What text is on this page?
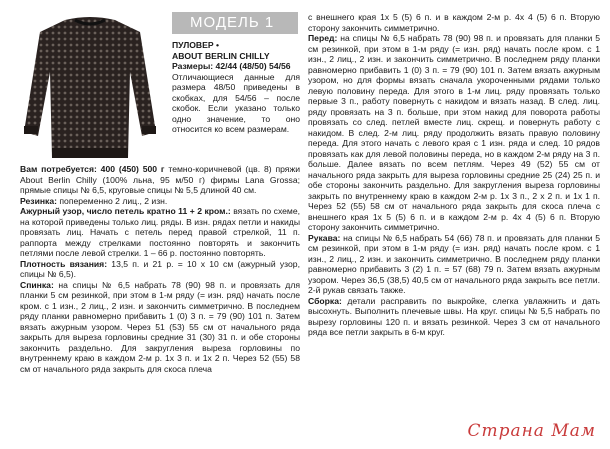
МОДЕЛЬ 1

ПУЛОВЕР •

ABOUT BERLIN CHILLY

Размеры: 42/44 (48/50) 54/56

Отличающиеся данные для размера 48/50 приведены в скобках, для 54/56 – после скобок. Если указано только одно значение, то оно относится ко всем размерам.

Вам потребуется: 400 (450) 500 г темно-коричневой (цв. 8) пряжи About Berlin Chilly (100% льна, 95 м/50 г) фирмы Lana Grossa; прямые спицы № 6,5, круговые спицы № 5,5 длиной 40 см.

Резинка: попеременно 2 лиц., 2 изн.

Ажурный узор, число петель кратно 11 + 2 кром.: вязать по схеме, на которой приведены только лиц. ряды. В изн. рядах петли и накиды провязать лиц. Начать с петель перед правой стрелкой, 11 п. раппорта между стрелками постоянно повторять и закончить петлями после левой стрелки. 1 – 66 р. постоянно повторять.

Плотность вязания: 13,5 п. и 21 р. = 10 х 10 см (ажурный узор, спицы № 6,5).

Спинка: на спицы № 6,5 набрать 78 (90) 98 п. и провязать для планки 5 см резинкой, при этом в 1-м ряду (= изн. ряд) начать после кром. с 1 изн., 2 лиц., 2 изн. и закончить симметрично. В последнем ряду планки равномерно прибавить 1 (0) 3 п. = 79 (90) 101 п. Затем вязать ажурным узором. Через 51 (53) 55 см от начального ряда закрыть для выреза горловины средние 31 (30) 31 п. и обе стороны закончить раздельно. Для закругления выреза горловины по внутреннему краю в каждом 2-м р. 1х 3 п. и 1х 2 п. Через 52 (55) 58 см от начального ряда закрыть для скоса плеча

с внешнего края 1х 5 (5) 6 п. и в каждом 2-м р. 4х 4 (5) 6 п. Вторую сторону закончить симметрично.

Перед: на спицы № 6,5 набрать 78 (90) 98 п. и провязать для планки 5 см резинкой, при этом в 1-м ряду (= изн. ряд) начать после кром. с 1 изн., 2 лиц., 2 изн. и закончить симметрично. В последнем ряду планки равномерно прибавить 1 (0) 3 п. = 79 (90) 101 п. Затем вязать ажурным узором, но для формы вязать сначала укороченными рядами только левую половину переда. Для этого в 1-м лиц. ряду провязать только первые 3 п., работу повернуть с накидом и вязать назад. В след. лиц. ряду провязать на 3 п. больше, при этом накид для поворота работы провязать со след. петлей вместе лиц. скрещ. и повернуть работу с накидом. В след. 2-м лиц. ряду продолжить вязать правую половину переда. Для этого начать с левого края с 1 изн. ряда и след. 10 рядов провязать как для левой половины переда, но в каждом 2-м ряду на 3 п. больше. Далее вязать по всем петлям. Через 49 (52) 55 см от начального ряда закрыть для выреза горловины средние 25 (24) 25 п. и обе стороны закончить раздельно. Для закругления выреза горловины закрыть по внутреннему краю в каждом 2-м р. 1х 3 п., 2 х 2 п. и 1х 1 п. Через 52 (55) 58 см от начального ряда закрыть для скоса плеча с внешнего края 1х 5 (5) 6 п. и в каждом 2-м р. 4х 4 (5) 6 п. Вторую сторону закончить симметрично.

Рукава: на спицы № 6,5 набрать 54 (66) 78 п. и провязать для планки 5 см резинкой, при этом в 1-м ряду (= изн. ряд) начать после кром. с 1 изн., 2 лиц., 2 изн. и закончить симметрично. В последнем ряду планки равномерно прибавить 3 (2) 1 п. = 57 (68) 79 п. Затем вязать ажурным узором. Через 36,5 (38,5) 40,5 см от начального ряда закрыть все петли. 2-й рукав связать также.

Сборка: детали расправить по выкройке, слегка увлажнить и дать высохнуть. Выполнить плечевые швы. На круг. спицы № 5,5 набрать по вырезу горловины 120 п. и вязать резинкой. Через 3 см от начального ряда все петли закрыть в 6-м круг.

Страна Мам
